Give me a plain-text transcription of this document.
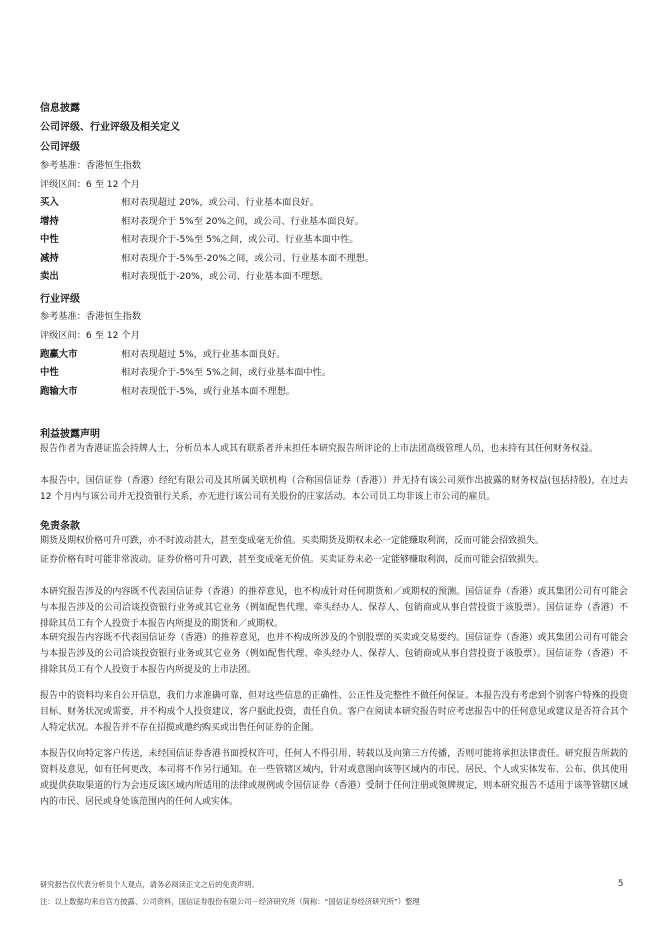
信息披露
公司评级、行业评级及相关定义
公司评级
参考基准：香港恒生指数
评级区间：6 至 12 个月
买入	相对表现超过 20%，或公司、行业基本面良好。
增持	相对表现介于 5%至 20%之间，或公司、行业基本面良好。
中性	相对表现介于-5%至 5%之间，或公司、行业基本面中性。
减持	相对表现介于-5%至-20%之间，或公司、行业基本面不理想。
卖出	相对表现低于-20%，或公司、行业基本面不理想。
行业评级
参考基准：香港恒生指数
评级区间：6 至 12 个月
跑赢大市	相对表现超过 5%，或行业基本面良好。
中性	相对表现介于-5%至 5%之间，或行业基本面中性。
跑输大市	相对表现低于-5%，或行业基本面不理想。
利益披露声明
报告作者为香港证监会持牌人士，分析员本人或其有联系者并未担任本研究报告所评论的上市法团高级管理人员，也未持有其任何财务权益。
本报告中，国信证券（香港）经纪有限公司及其所属关联机构（合称国信证券（香港））并无持有该公司须作出披露的财务权益(包括持股)，在过去 12 个月内与该公司并无投资银行关系，亦无进行该公司有关股份的庄家活动。本公司员工均非该上市公司的雇员。
免责条款
期货及期权价格可升可跌，亦不时波动甚大，甚至变成毫无价值。买卖期货及期权未必一定能赚取利润，反而可能会招致损失。
证券价格有时可能非常波动。证券价格可升可跌，甚至变成毫无价值。买卖证券未必一定能够赚取利润，反而可能会招致损失。
本研究报告涉及的内容既不代表国信证券（香港）的推荐意见，也不构成针对任何期货和／或期权的预测。国信证券（香港）或其集团公司有可能会与本报告涉及的公司洽谈投资银行业务或其它业务（例如配售代理、牵头经办人、保荐人、包销商或从事自营投资于该股票）。国信证券（香港）不排除其员工有个人投资于本报告内所提及的期货和／或期权。
本研究报告内容既不代表国信证券（香港）的推荐意见，也并不构成所涉及的个别股票的买卖或交易要约。国信证券（香港）或其集团公司有可能会与本报告涉及的公司洽谈投资银行业务或其它业务（例如配售代理、牵头经办人、保荐人、包销商或从事自营投资于该股票）。国信证券（香港）不排除其员工有个人投资于本报告内所提及的上市法团。
报告中的资料均来自公开信息，我们力求准确可靠，但对这些信息的正确性、公正性及完整性不做任何保证。本报告没有考虑到个别客户特殊的投资目标、财务状况或需要，并不构成个人投资建议，客户据此投资，责任自负。客户在阅读本研究报告时应考虑报告中的任何意见或建议是否符合其个人特定状况。本报告并不存在招揽或邀约购买或出售任何证券的企图。
本报告仅向特定客户传送，未经国信证券香港书面授权许可，任何人不得引用、转载以及向第三方传播，否则可能将承担法律责任。研究报告所载的资料及意见，如有任何更改，本司将不作另行通知。在一些管辖区域内，针对或意图向该等区域内的市民、居民、个人或实体发布、公布、供其使用或提供获取渠道的行为会违反该区域内所适用的法律或规例或令国信证券（香港）受制于任何注册或领牌规定，则本研究报告不适用于该等管辖区域内的市民、居民或身处该范围内的任何人或实体。
研究报告仅代表分析员个人观点，请务必阅读正文之后的免责声明。
注：以上数据均来自官方披露、公司资料，国信证券股份有限公司－经济研究所（简称：“国信证券经济研究所”）整理
5
